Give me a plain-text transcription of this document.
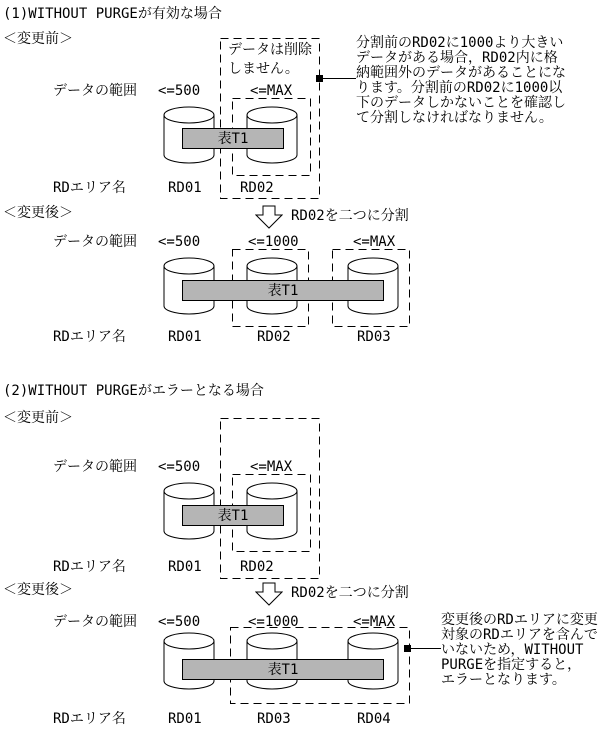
(1)WITHOUT PURGEが有効な場合
＜変更前＞
データは削除
しません。
分割前のRD02に1000より大きい
データがある場合，RD02内に格
納範囲外のデータがあることにな
ります。分割前のRD02に1000以
下のデータしかないことを確認し
て分割しなければなりません。
データの範囲 <=500	<=MAX
表T1
RDエリア名	RD01	RD02
RD02を二つに分割
＜変更後＞
データの範囲 <=500	<=1000	<=MAX
表T1
RDエリア名	RD01	RD02	RD03
(2)WITHOUT PURGEがエラーとなる場合
＜変更前＞
データの範囲 <=500	<=MAX
表T1
RDエリア名	RD01	RD02
RD02を二つに分割
＜変更後＞
データの範囲 <=500	<=1000	<=MAX
表T1
変更後のRDエリアに変更
対象のRDエリアを含んで
いないため，WITHOUT
PURGEを指定すると，
エラーとなります。
RDエリア名	RD01	RD03	RD04
